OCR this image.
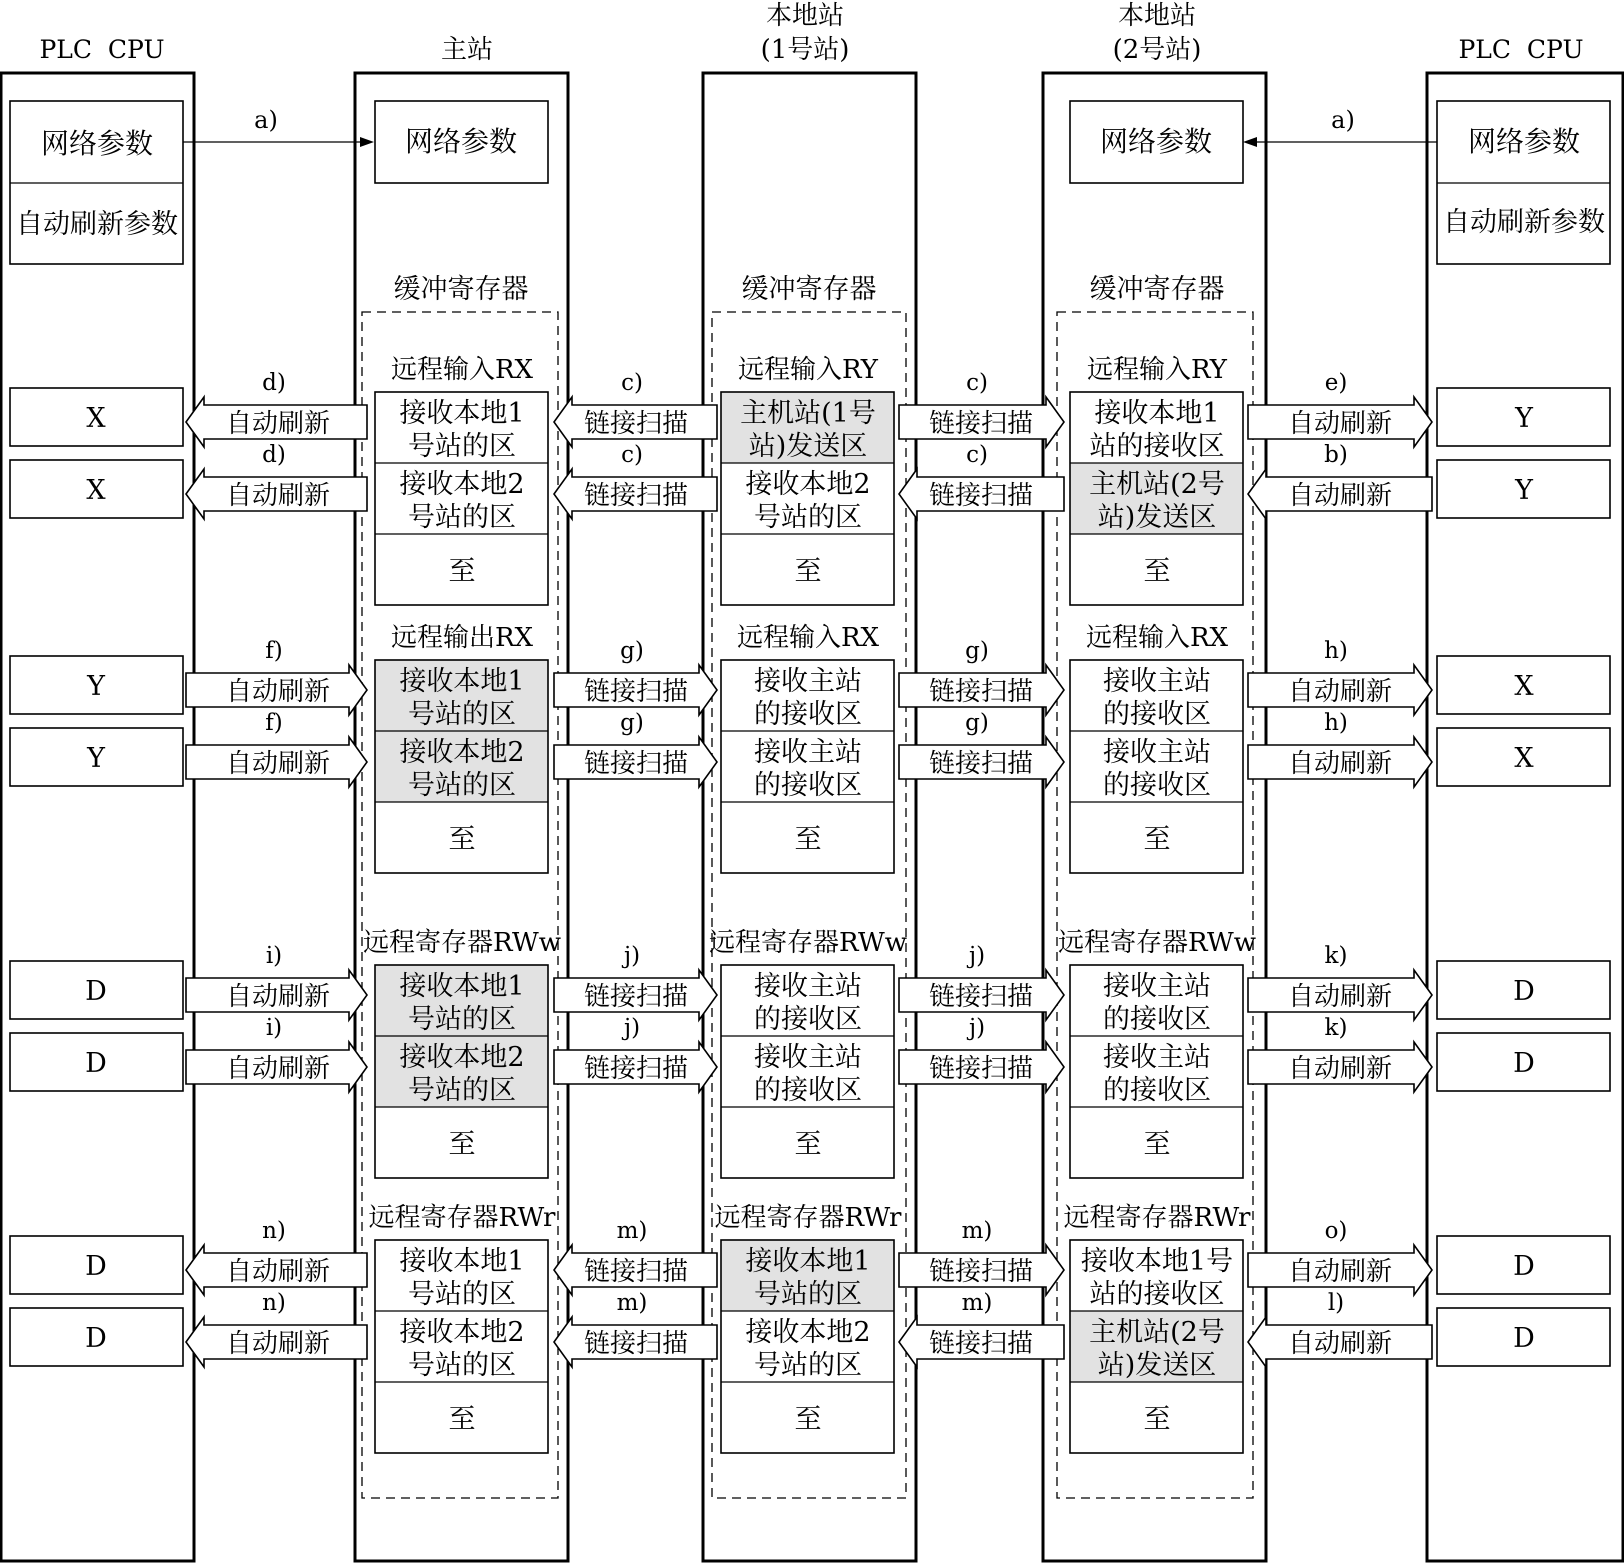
PLC  CPU	主站
本地站
(1号站)
本地站
(2号站)	PLC  CPU
网络参数
自动刷新参数
网络参数
自动刷新参数
网络参数	网络参数
a)	a)
缓冲寄存器	缓冲寄存器	缓冲寄存器
远程输入RX	远程输入RY	远程输入RY
接收本地1
号站的区
接收本地2
号站的区
至
主机站(1号
站)发送区
接收本地2
号站的区
至
接收本地1
站的接收区
主机站(2号
站)发送区
至
X	Y
自动刷新
d)
链接扫描
c)
链接扫描
c)
自动刷新
e)
X	Y
自动刷新
d)
链接扫描
c)
链接扫描
c)
自动刷新
b)
远程输出RX	远程输入RX	远程输入RX
接收本地1
号站的区
接收本地2
号站的区
至
接收主站
的接收区
接收主站
的接收区
至
接收主站
的接收区
接收主站
的接收区
至
Y	X
自动刷新
f)
链接扫描
g)
链接扫描
g)
自动刷新
h)
Y	X
自动刷新
f)
链接扫描
g)
链接扫描
g)
自动刷新
h)
远程寄存器RWw	远程寄存器RWw	远程寄存器RWw
接收本地1
号站的区
接收本地2
号站的区
至
接收主站
的接收区
接收主站
的接收区
至
接收主站
的接收区
接收主站
的接收区
至
D	D
自动刷新
i)
链接扫描
j)
链接扫描
j)
自动刷新
k)
D	D
自动刷新
i)
链接扫描
j)
链接扫描
j)
自动刷新
k)
远程寄存器RWr	远程寄存器RWr	远程寄存器RWr
接收本地1
号站的区
接收本地2
号站的区
至
接收本地1
号站的区
接收本地2
号站的区
至
接收本地1号
站的接收区
主机站(2号
站)发送区
至
D	D
自动刷新
n)
链接扫描
m)
链接扫描
m)
自动刷新
o)
D	D
自动刷新
n)
链接扫描
m)
链接扫描
m)
自动刷新
l)
